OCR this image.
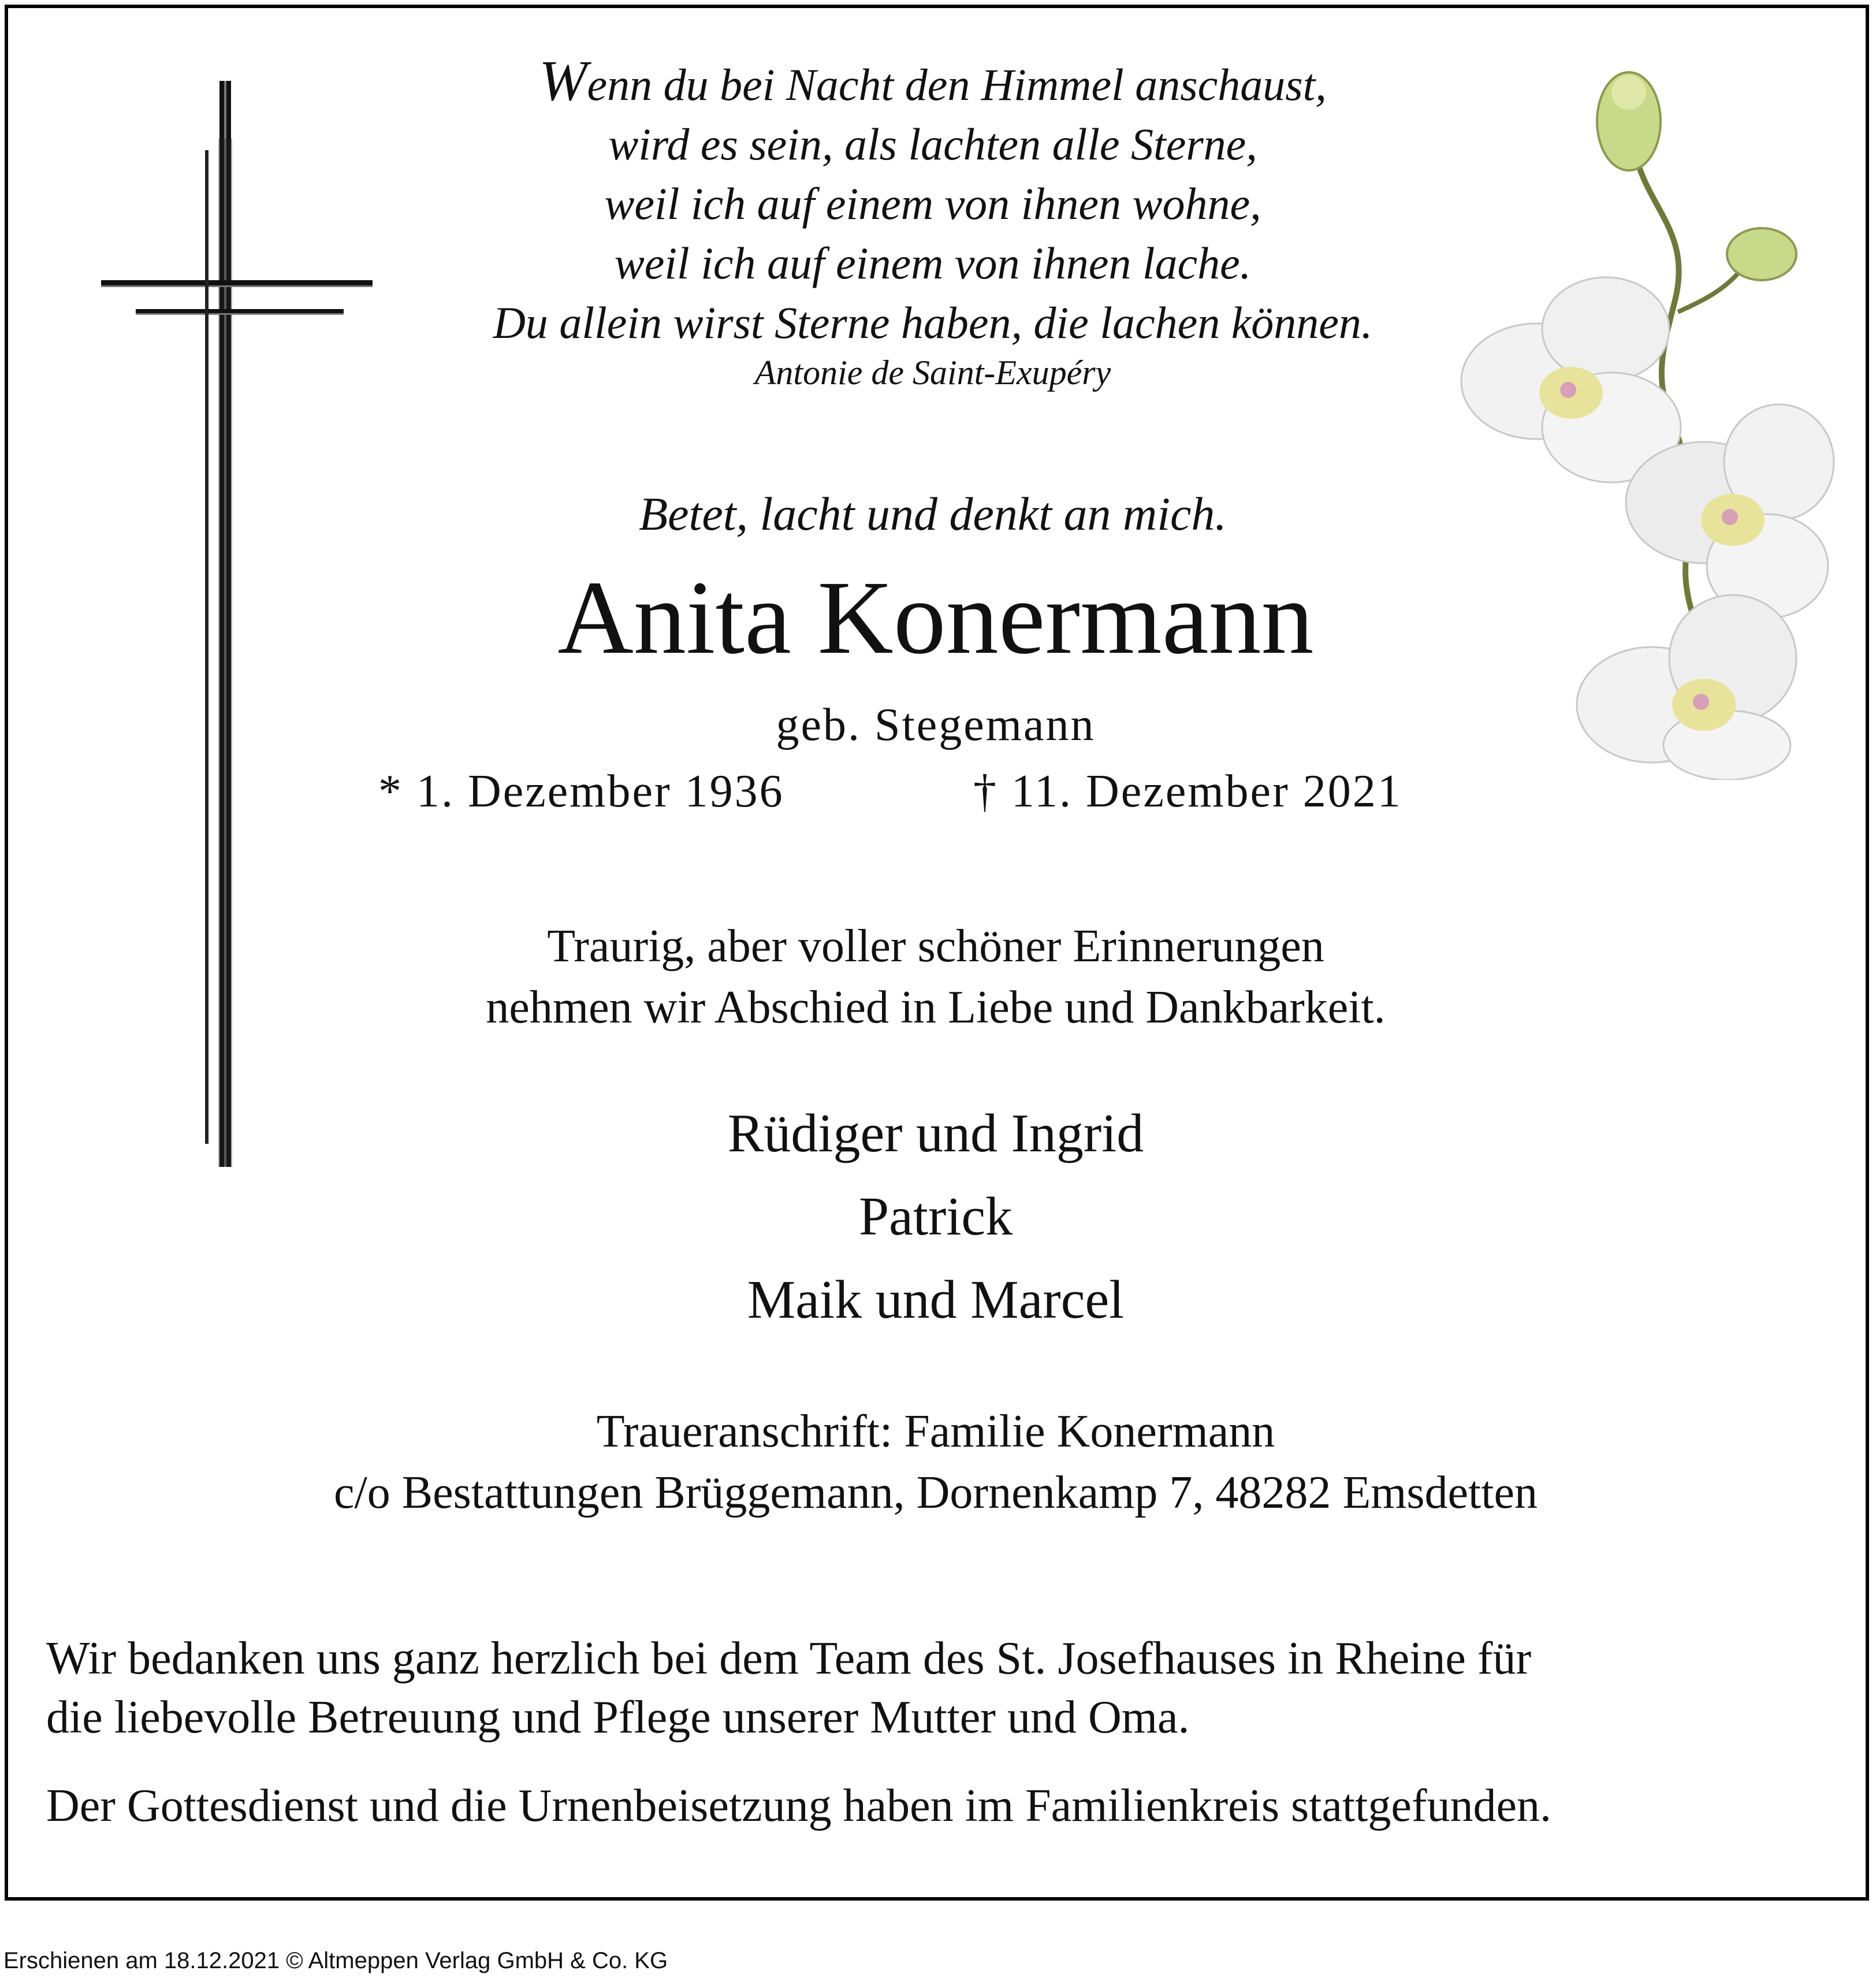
Wenn du bei Nacht den Himmel anschaust,
wird es sein, als lachten alle Sterne,
weil ich auf einem von ihnen wohne,
weil ich auf einem von ihnen lache.
Du allein wirst Sterne haben, die lachen können.
Antonie de Saint-Exupéry
Betet, lacht und denkt an mich.
Anita Konermann
geb. Stegemann
* 1. Dezember 1936	† 11. Dezember 2021
Traurig, aber voller schöner Erinnerungen
nehmen wir Abschied in Liebe und Dankbarkeit.
Rüdiger und Ingrid
Patrick
Maik und Marcel
Traueranschrift: Familie Konermann
c/o Bestattungen Brüggemann, Dornenkamp 7, 48282 Emsdetten
Wir bedanken uns ganz herzlich bei dem Team des St. Josefhauses in Rheine für
die liebevolle Betreuung und Pflege unserer Mutter und Oma.
Der Gottesdienst und die Urnenbeisetzung haben im Familienkreis stattgefunden.
Erschienen am 18.12.2021 © Altmeppen Verlag GmbH & Co. KG
